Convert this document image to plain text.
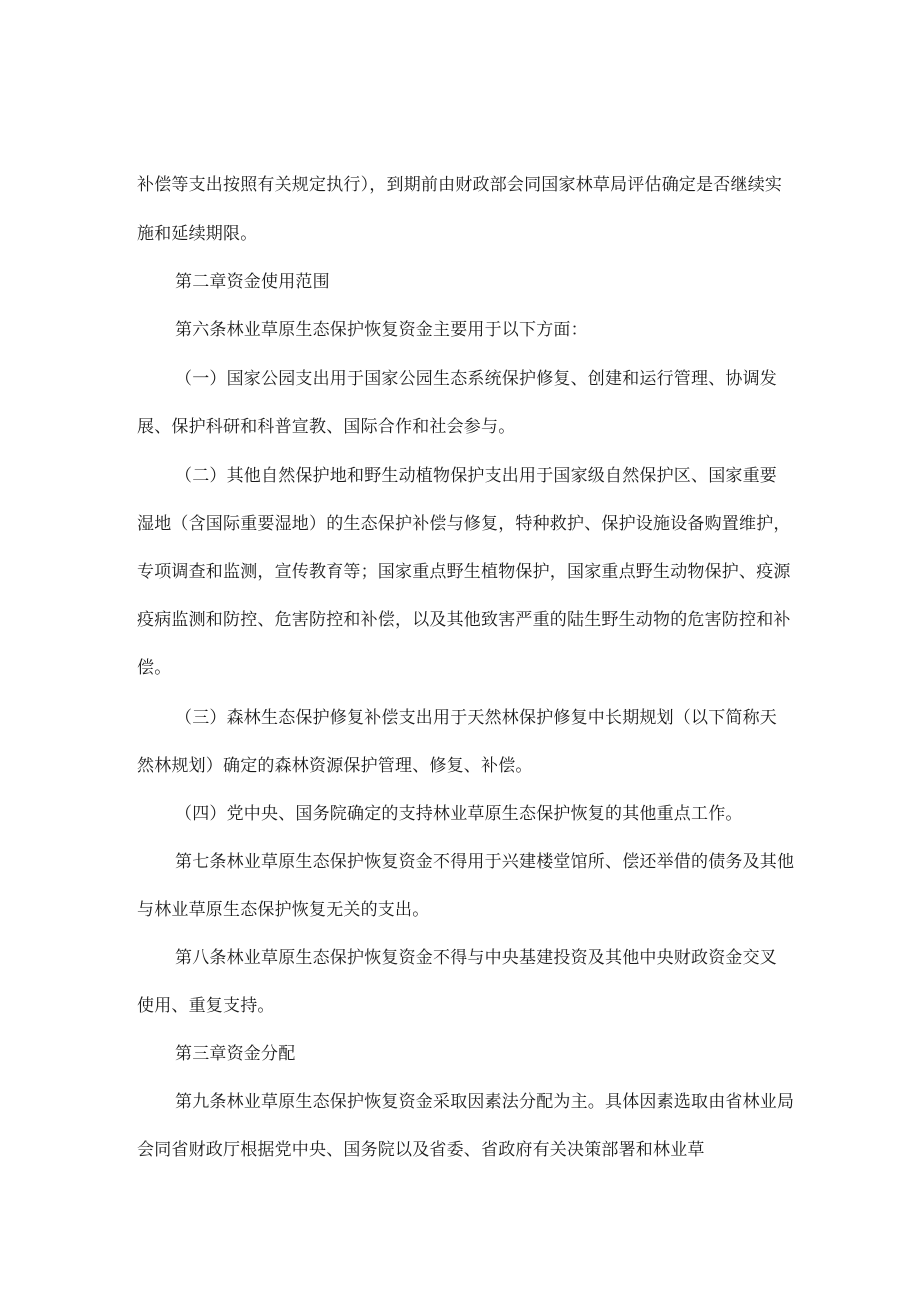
补偿等支出按照有关规定执行），到期前由财政部会同国家林草局评估确定是否继续实
施和延续期限。
第二章资金使用范围
第六条林业草原生态保护恢复资金主要用于以下方面：
（一）国家公园支出用于国家公园生态系统保护修复、创建和运行管理、协调发
展、保护科研和科普宣教、国际合作和社会参与。
（二）其他自然保护地和野生动植物保护支出用于国家级自然保护区、国家重要
湿地（含国际重要湿地）的生态保护补偿与修复，特种救护、保护设施设备购置维护，
专项调查和监测，宣传教育等；国家重点野生植物保护，国家重点野生动物保护、疫源
疫病监测和防控、危害防控和补偿，以及其他致害严重的陆生野生动物的危害防控和补
偿。
（三）森林生态保护修复补偿支出用于天然林保护修复中长期规划（以下简称天
然林规划）确定的森林资源保护管理、修复、补偿。
（四）党中央、国务院确定的支持林业草原生态保护恢复的其他重点工作。
第七条林业草原生态保护恢复资金不得用于兴建楼堂馆所、偿还举借的债务及其他
与林业草原生态保护恢复无关的支出。
第八条林业草原生态保护恢复资金不得与中央基建投资及其他中央财政资金交叉
使用、重复支持。
第三章资金分配
第九条林业草原生态保护恢复资金采取因素法分配为主。具体因素选取由省林业局
会同省财政厅根据党中央、国务院以及省委、省政府有关决策部署和林业草
